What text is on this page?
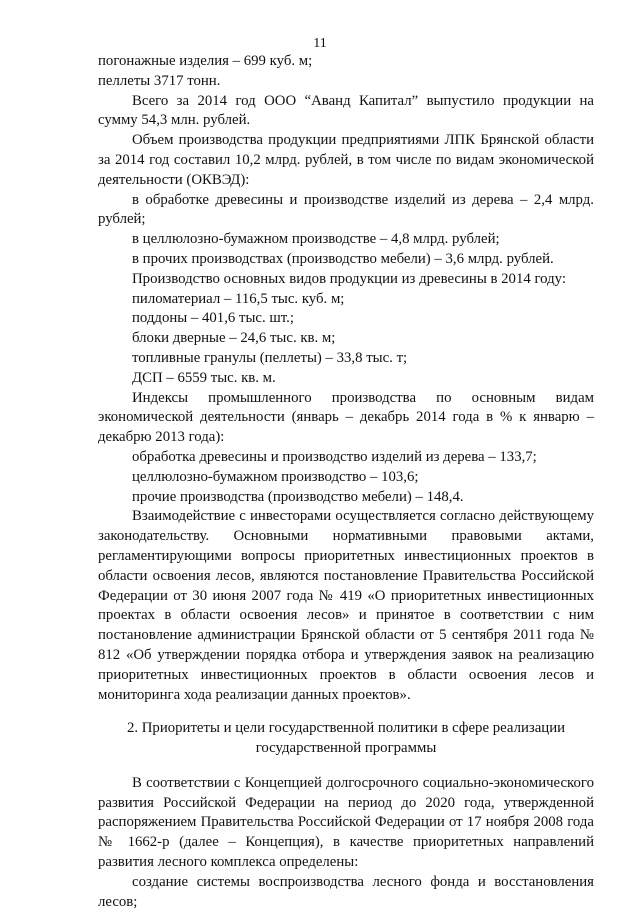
11

погонажные изделия – 699 куб. м;

пеллеты 3717 тонн.

Всего за 2014 год ООО “Аванд Капитал” выпустило продукции на сумму 54,3 млн. рублей.

Объем производства продукции предприятиями ЛПК Брянской области за 2014 год составил 10,2 млрд. рублей, в том числе по видам экономической деятельности (ОКВЭД):

в обработке древесины и производстве изделий из дерева – 2,4 млрд. рублей;

в целлюлозно-бумажном производстве – 4,8 млрд. рублей;

в прочих производствах (производство мебели) – 3,6 млрд. рублей.

Производство основных видов продукции из древесины в 2014 году:

пиломатериал – 116,5 тыс. куб. м;

поддоны – 401,6 тыс. шт.;

блоки дверные – 24,6 тыс. кв. м;

топливные гранулы (пеллеты) – 33,8 тыс. т;

ДСП – 6559 тыс. кв. м.

Индексы промышленного производства по основным видам экономической деятельности (январь – декабрь 2014 года в % к январю – декабрю 2013 года):

обработка древесины и производство изделий из дерева – 133,7;

целлюлозно-бумажном производство – 103,6;

прочие производства (производство мебели) – 148,4.

Взаимодействие с инвесторами осуществляется согласно действующему законодательству. Основными нормативными правовыми актами, регламентирующими вопросы приоритетных инвестиционных проектов в области освоения лесов, являются постановление Правительства Российской Федерации от 30 июня 2007 года № 419 «О приоритетных инвестиционных проектах в области освоения лесов» и принятое в соответствии с ним постановление администрации Брянской области от 5 сентября 2011 года № 812 «Об утверждении порядка отбора и утверждения заявок на реализацию приоритетных инвестиционных проектов в области освоения лесов и мониторинга хода реализации данных проектов».

2. Приоритеты и цели государственной политики в сфере реализации государственной программы

В соответствии с Концепцией долгосрочного социально-экономического развития Российской Федерации на период до 2020 года, утвержденной распоряжением Правительства Российской Федерации от 17 ноября 2008 года № 1662-р (далее – Концепция), в качестве приоритетных направлений развития лесного комплекса определены:

создание системы воспроизводства лесного фонда и восстановления лесов;
